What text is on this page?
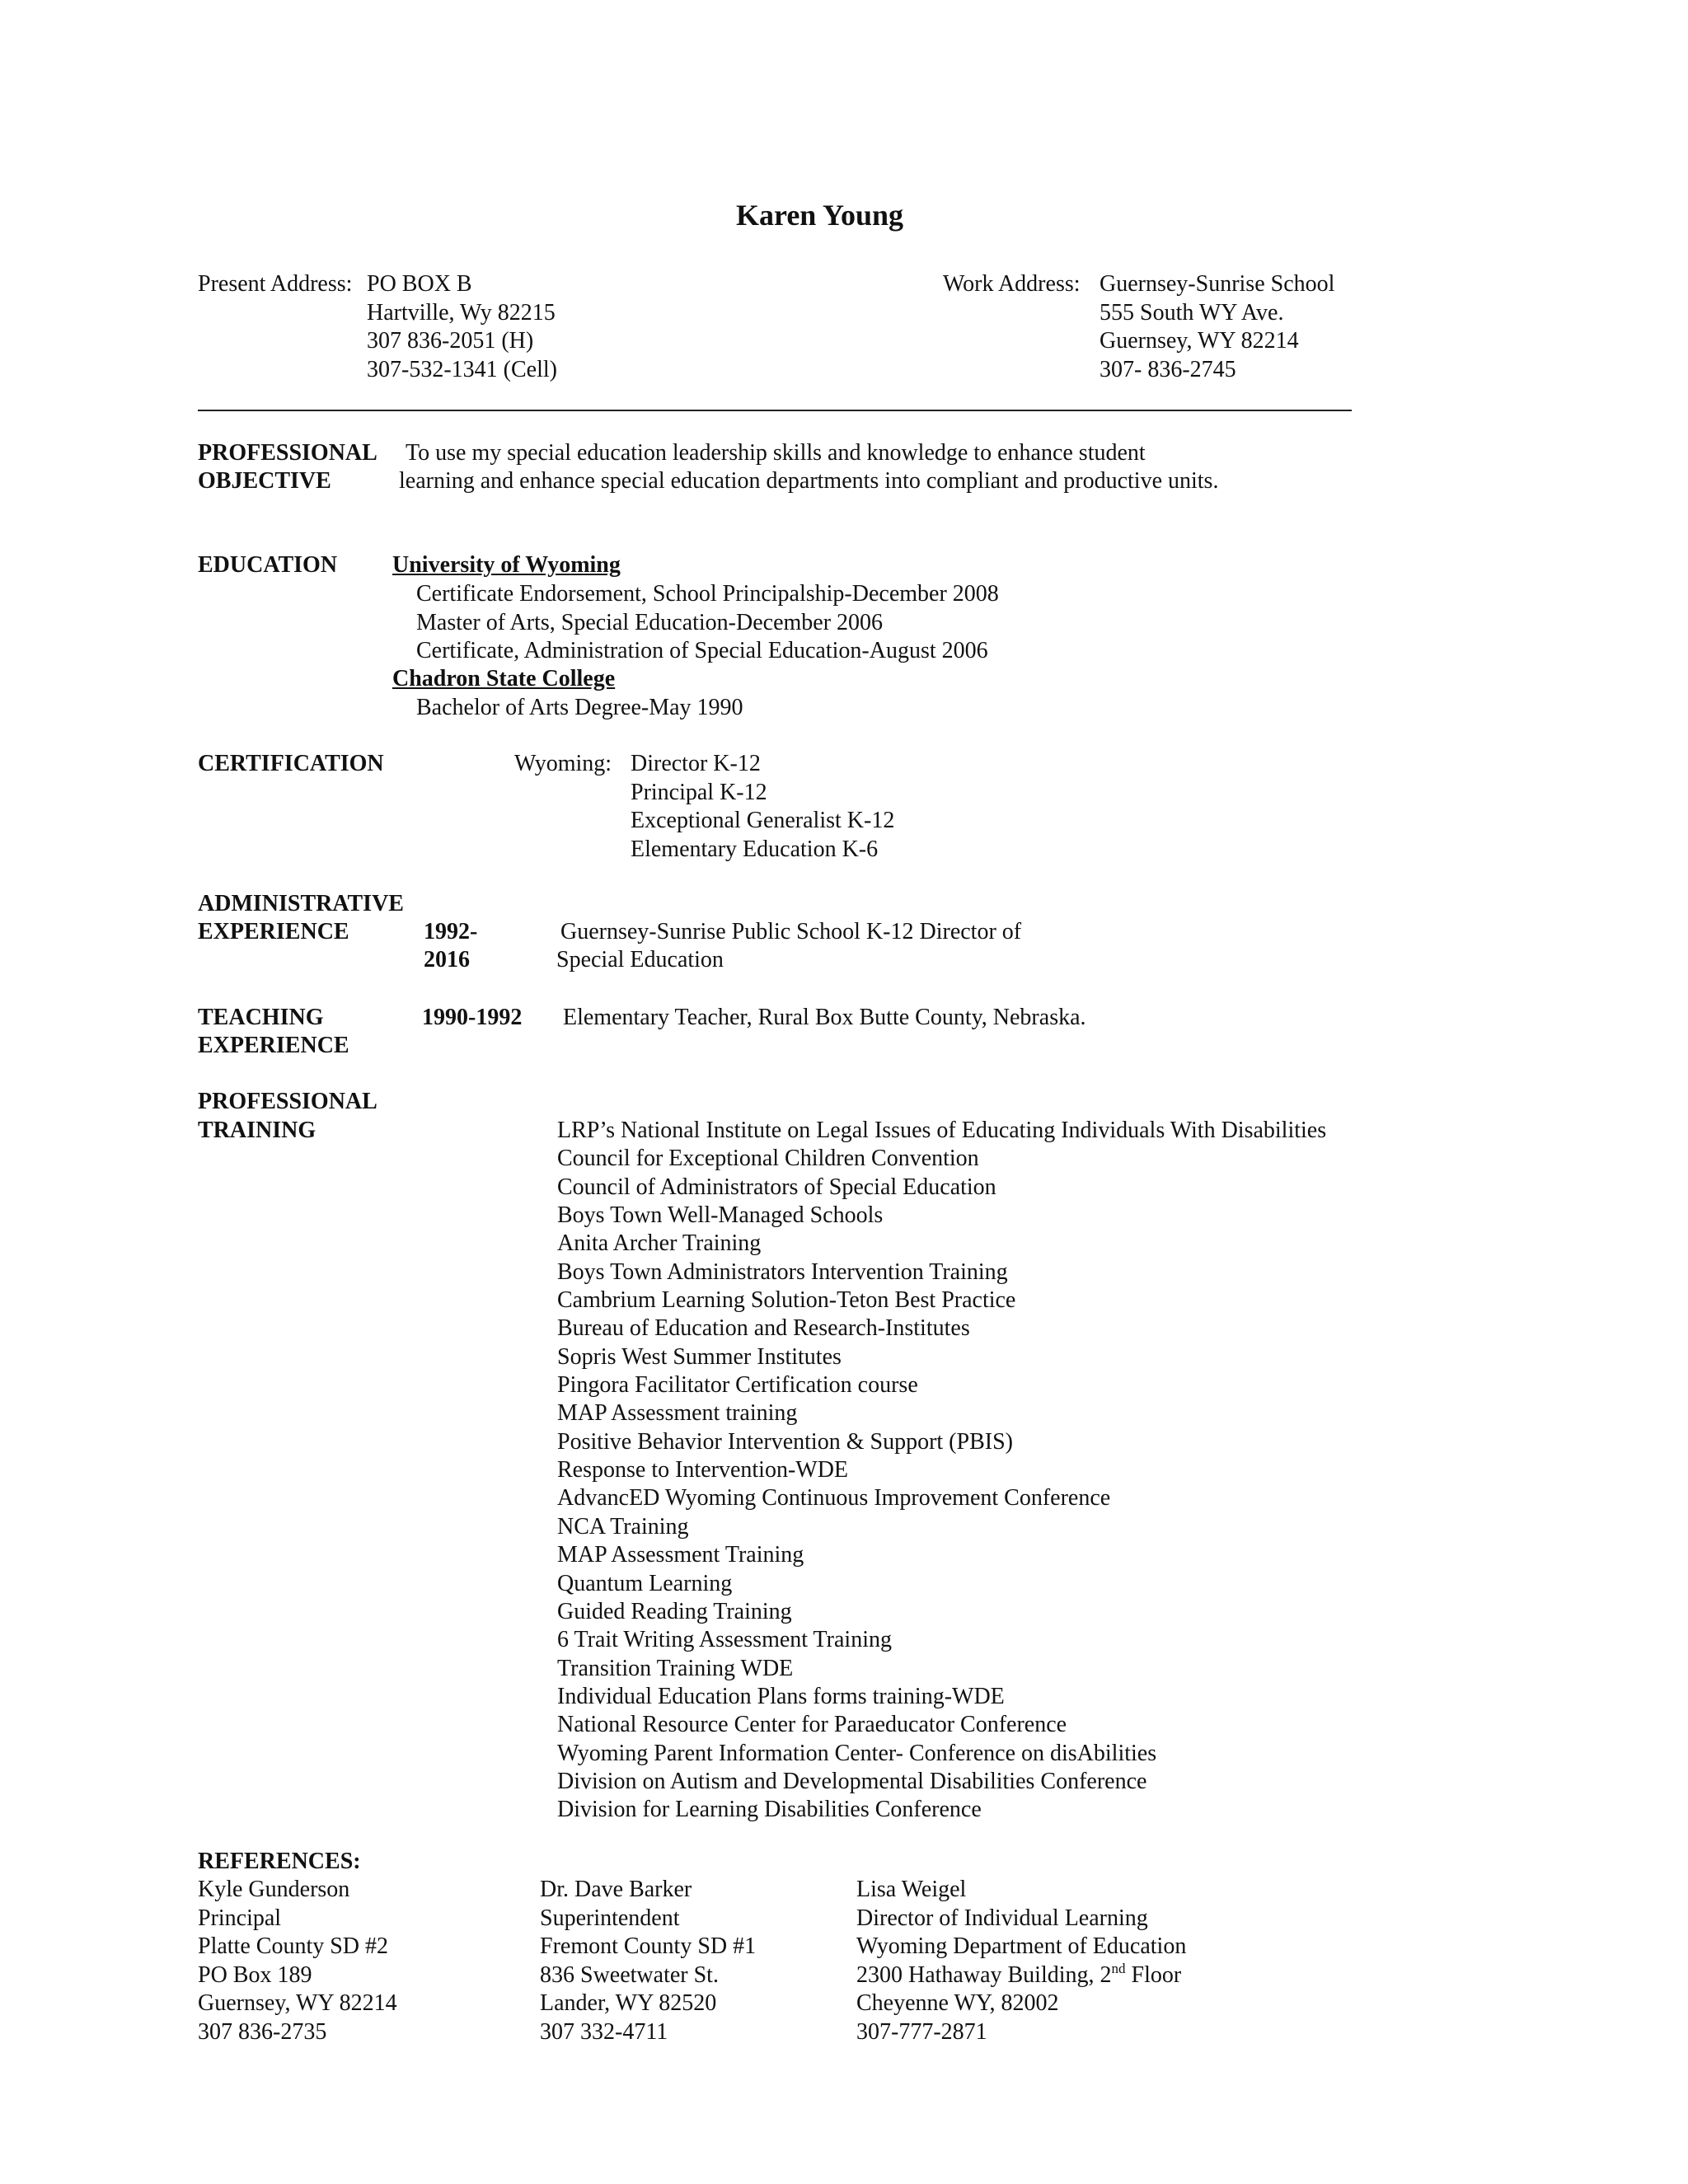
Karen Young
Present Address: PO BOX B
Hartville, Wy 82215
307 836-2051 (H)
307-532-1341 (Cell)
Work Address: Guernsey-Sunrise School
555 South WY Ave.
Guernsey, WY 82214
307- 836-2745
PROFESSIONAL
OBJECTIVE
To use my special education leadership skills and knowledge to enhance student
learning and enhance special education departments into compliant and productive units.
EDUCATION University of Wyoming
Certificate Endorsement, School Principalship-December 2008
Master of Arts, Special Education-December 2006
Certificate, Administration of Special Education-August 2006
Chadron State College
Bachelor of Arts Degree-May 1990
CERTIFICATION	Wyoming: Director K-12
Principal K-12
Exceptional Generalist K-12
Elementary Education K-6
ADMINISTRATIVE
EXPERIENCE	1992-
2016
Guernsey-Sunrise Public School K-12 Director of
Special Education
TEACHING
EXPERIENCE
1990-1992 Elementary Teacher, Rural Box Butte County, Nebraska.
PROFESSIONAL
TRAINING	LRP’s National Institute on Legal Issues of Educating Individuals With Disabilities
Council for Exceptional Children Convention
Council of Administrators of Special Education
Boys Town Well-Managed Schools
Anita Archer Training
Boys Town Administrators Intervention Training
Cambrium Learning Solution-Teton Best Practice
Bureau of Education and Research-Institutes
Sopris West Summer Institutes
Pingora Facilitator Certification course
MAP Assessment training
Positive Behavior Intervention & Support (PBIS)
Response to Intervention-WDE
AdvancED Wyoming Continuous Improvement Conference
NCA Training
MAP Assessment Training
Quantum Learning
Guided Reading Training
6 Trait Writing Assessment Training
Transition Training WDE
Individual Education Plans forms training-WDE
National Resource Center for Paraeducator Conference
Wyoming Parent Information Center- Conference on disAbilities
Division on Autism and Developmental Disabilities Conference
Division for Learning Disabilities Conference
REFERENCES:
Kyle Gunderson
Principal
Platte County SD #2
PO Box 189
Guernsey, WY 82214
307 836-2735
Dr. Dave Barker
Superintendent
Fremont County SD #1
836 Sweetwater St.
Lander, WY 82520
307 332-4711
Lisa Weigel
Director of Individual Learning
Wyoming Department of Education
2300 Hathaway Building, 2nd Floor
Cheyenne WY, 82002
307-777-2871
